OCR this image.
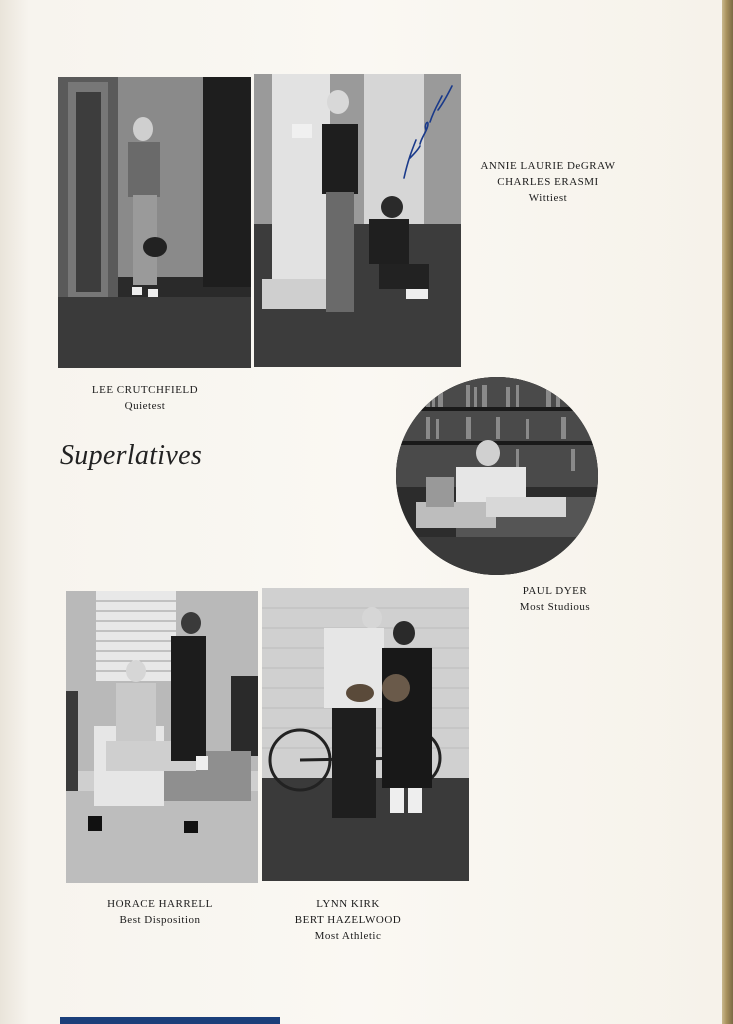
ANNIE LAURIE DeGRAW
CHARLES ERASMI
Wittiest
LEE CRUTCHFIELD
Quietest
Superlatives
PAUL DYER
Most Studious
HORACE HARRELL
Best Disposition
LYNN KIRK
BERT HAZELWOOD
Most Athletic
